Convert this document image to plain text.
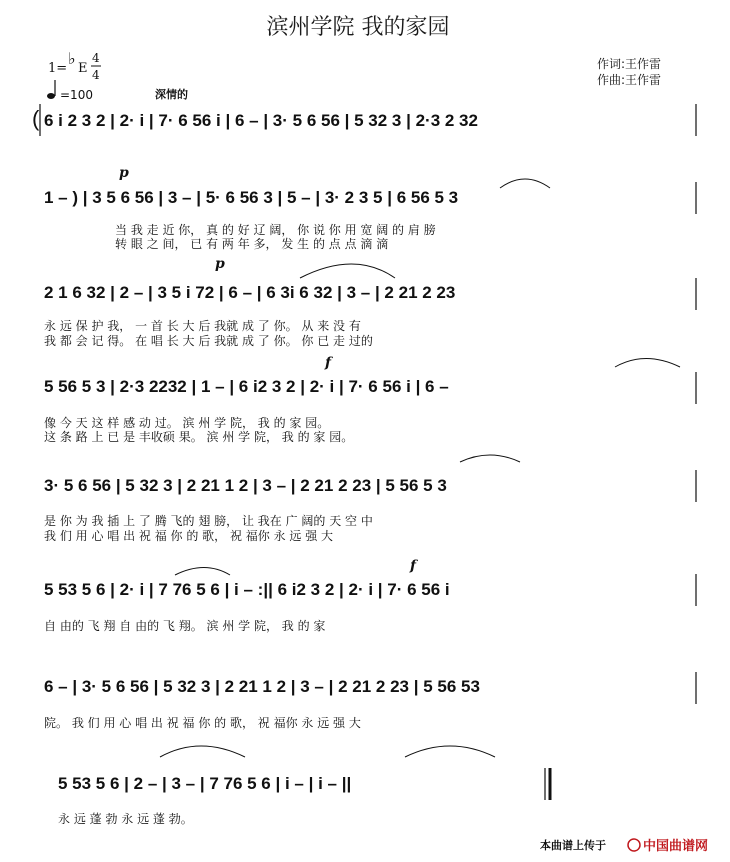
滨州学院 我的家园
1=
♭
E
4
4
=100	深情的
作词:王作雷
作曲:王作雷
p
p
f
f
( 6 i 2 3 2 | 2· i | 7· 6 56 i | 6 – | 3· 5 6 56 | 5 32 3 | 2·3 2 32
1 – ) | 3 5 6 56 | 3 – | 5· 6 56 3 | 5 – | 3· 2 3 5 | 6 56 5 3
当 我 走 近 你， 真 的 好 辽 阔， 你 说 你 用 宽 阔 的 肩 膀
转 眼 之 间， 已 有 两 年 多， 发 生 的 点 点 滴 滴
2 1 6 32 | 2 – | 3 5 i 72 | 6 – | 6 3i 6 32 | 3 – | 2 21 2 23
永 远 保 护 我， 一 首 长 大 后 我就 成 了 你。 从 来 没 有
我 都 会 记 得。 在 唱 长 大 后 我就 成 了 你。 你 已 走 过的
5 56 5 3 | 2·3 2232 | 1 – | 6 i2 3 2 | 2· i | 7· 6 56 i | 6 –
像 今 天 这 样 感 动 过。 滨 州 学 院， 我 的 家 园。
这 条 路 上 已 是 丰收硕 果。 滨 州 学 院， 我 的 家 园。
3· 5 6 56 | 5 32 3 | 2 21 1 2 | 3 – | 2 21 2 23 | 5 56 5 3
是 你 为 我 插 上 了 腾 飞的 翅 膀， 让 我在 广 阔的 天 空 中
我 们 用 心 唱 出 祝 福 你 的 歌， 祝 福你 永 远 强 大
5 53 5 6 | 2· i | 7 76 5 6 | i – :|| 6 i2 3 2 | 2· i | 7· 6 56 i
自 由的 飞 翔 自 由的 飞 翔。 滨 州 学 院， 我 的 家
6 – | 3· 5 6 56 | 5 32 3 | 2 21 1 2 | 3 – | 2 21 2 23 | 5 56 53
院。 我 们 用 心 唱 出 祝 福 你 的 歌， 祝 福你 永 远 强 大
5 53 5 6 | 2 – | 3 – | 7 76 5 6 | i – | i – ||
永 远 蓬 勃 永 远 蓬 勃。
本曲谱上传于	中国曲谱网
